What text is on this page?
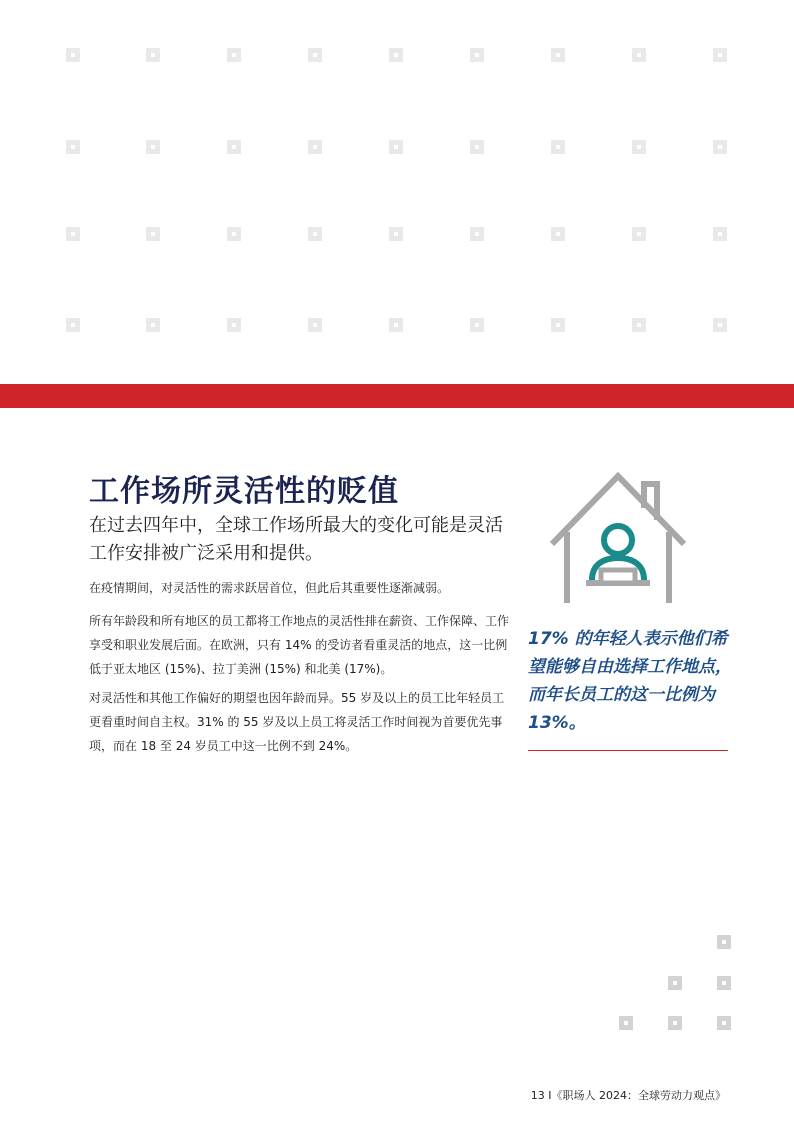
工作场所灵活性的贬值

在过去四年中，全球工作场所最大的变化可能是灵活工作安排被广泛采用和提供。

在疫情期间，对灵活性的需求跃居首位，但此后其重要性逐渐减弱。

所有年龄段和所有地区的员工都将工作地点的灵活性排在薪资、工作保障、工作享受和职业发展后面。在欧洲，只有 14% 的受访者看重灵活的地点，这一比例低于亚太地区 (15%)、拉丁美洲 (15%) 和北美 (17%)。

对灵活性和其他工作偏好的期望也因年龄而异。55 岁及以上的员工比年轻员工更看重时间自主权。31% 的 55 岁及以上员工将灵活工作时间视为首要优先事项，而在 18 至 24 岁员工中这一比例不到 24%。

17% 的年轻人表示他们希望能够自由选择工作地点，而年长员工的这一比例为 13%。

13 I《职场人 2024：全球劳动力观点》
